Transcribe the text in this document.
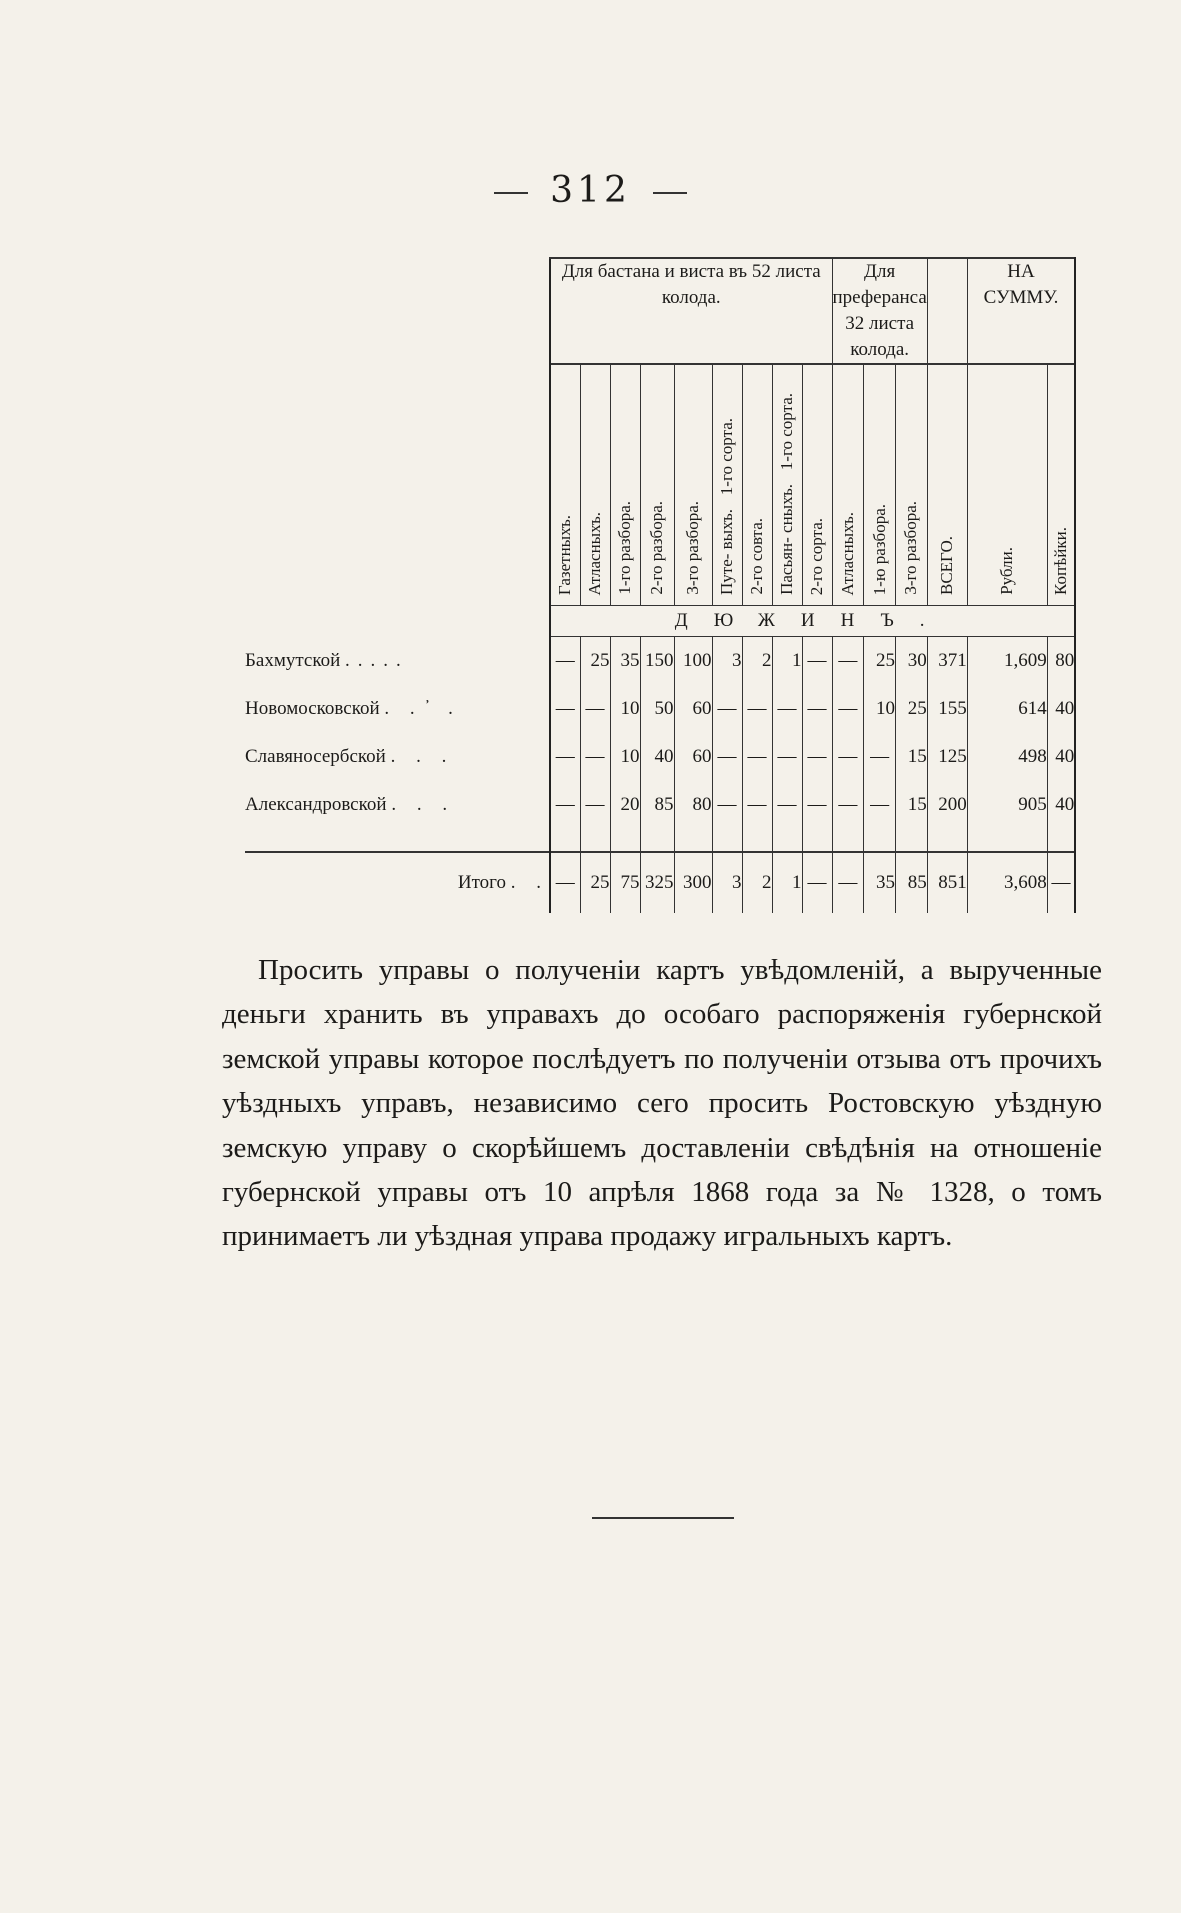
312
	Для бастана и виста въ 52 листа колода.									Для преферанса 32 листа колода.				НА СУММУ.	
	Газетныхъ.	Атласныхъ.	1-го разбора.	2-го разбора.	3-го разбора.	1-го сорта.Путе- выхъ.	2-го совта.	1-го сорта.Пасьян- сныхъ.	2-го сорта.	Атласныхъ.	1-ю разбора.	3-го разбора.	ВСЕГО.	Рубли.	Копѣйки.
	ДЮЖИНЪ.														
Бахмутской .....	—	25	35	150	100	3	2	1	—	—	25	30	371	1,609	80
Новомосковской . . ̓ .	—	—	10	50	60	—	—	—	—	—	10	25	155	614	40
Славяносербской . . .	—	—	10	40	60	—	—	—	—	—	—	15	125	498	40
Александровской . . .	—	—	20	85	80	—	—	—	—	—	—	15	200	905	40

Итого . .	—	25	75	325	300	3	2	1	—	—	35	85	851	3,608	—

Просить управы о полученіи картъ увѣдомленій, а вырученные деньги хранить въ управахъ до особаго распоряженія губернской земской управы которое послѣдуетъ по полученіи отзыва отъ прочихъ уѣздныхъ управъ, независимо сего просить Ростовскую уѣздную земскую управу о скорѣйшемъ доставленіи свѣдѣнія на отношеніе губернской управы отъ 10 апрѣля 1868 года за № 1328, о томъ принимаетъ ли уѣздная управа продажу игральныхъ картъ.
